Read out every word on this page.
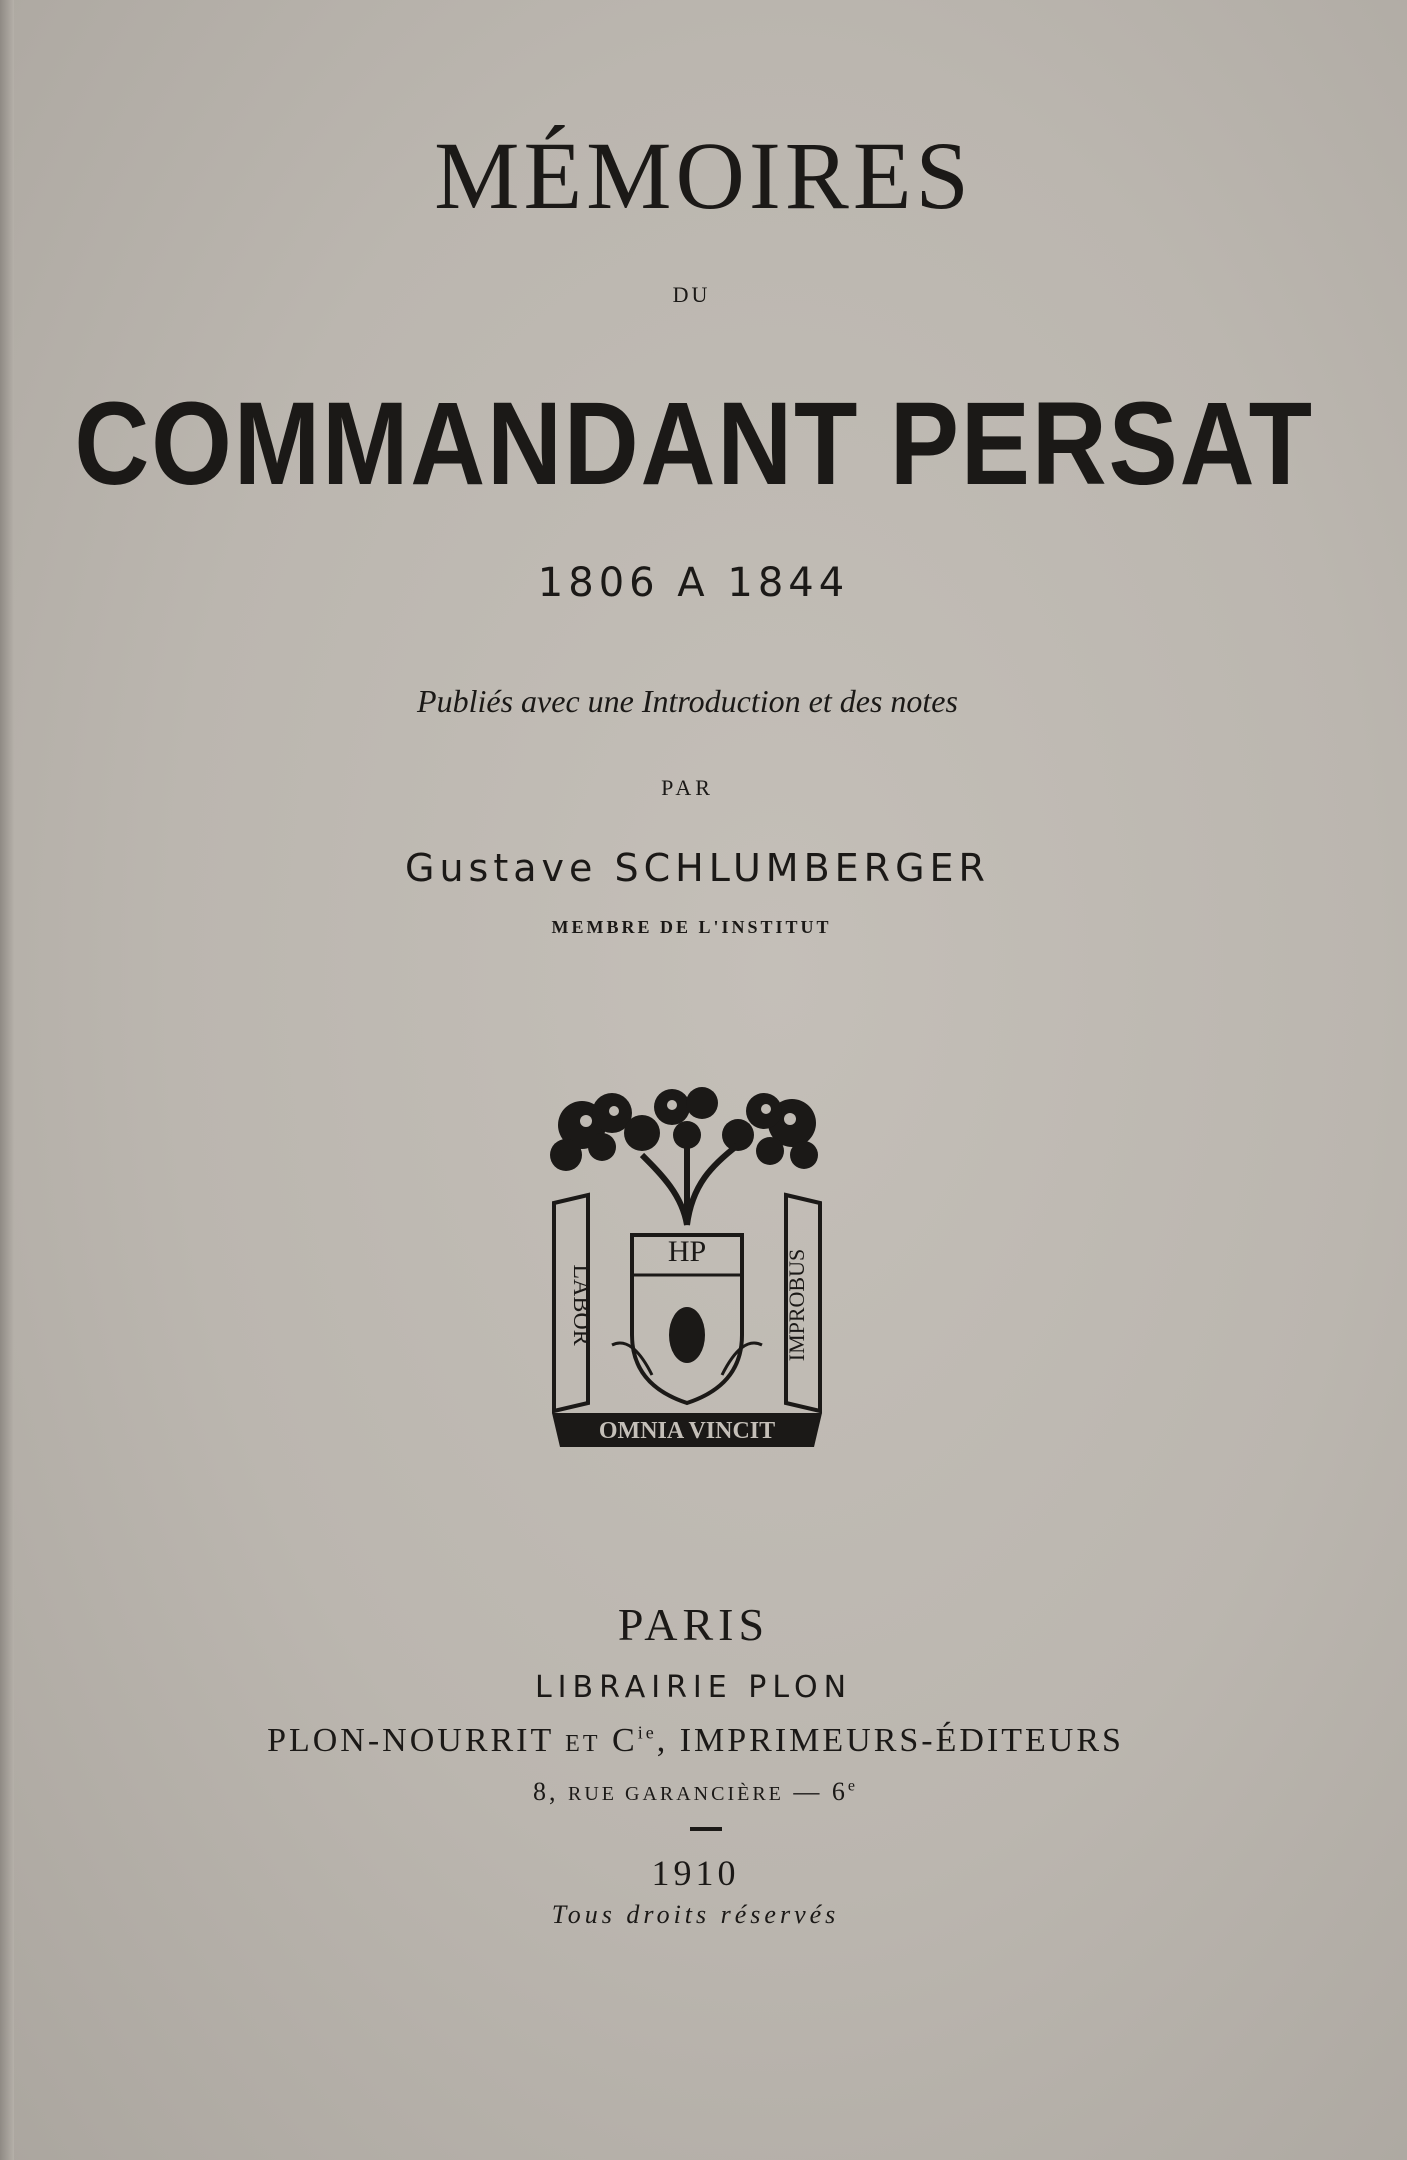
MÉMOIRES
DU
COMMANDANT PERSAT
1806 A 1844
Publiés avec une Introduction et des notes
PAR
Gustave SCHLUMBERGER
MEMBRE DE L'INSTITUT
LABOR	IMPROBUS
HP
OMNIA VINCIT
PARIS
LIBRAIRIE PLON
PLON-NOURRIT ET $C^{ie}$, IMPRIMEURS-ÉDITEURS
8, RUE GARANCIÈRE — 6e
1910
Tous droits réservés
